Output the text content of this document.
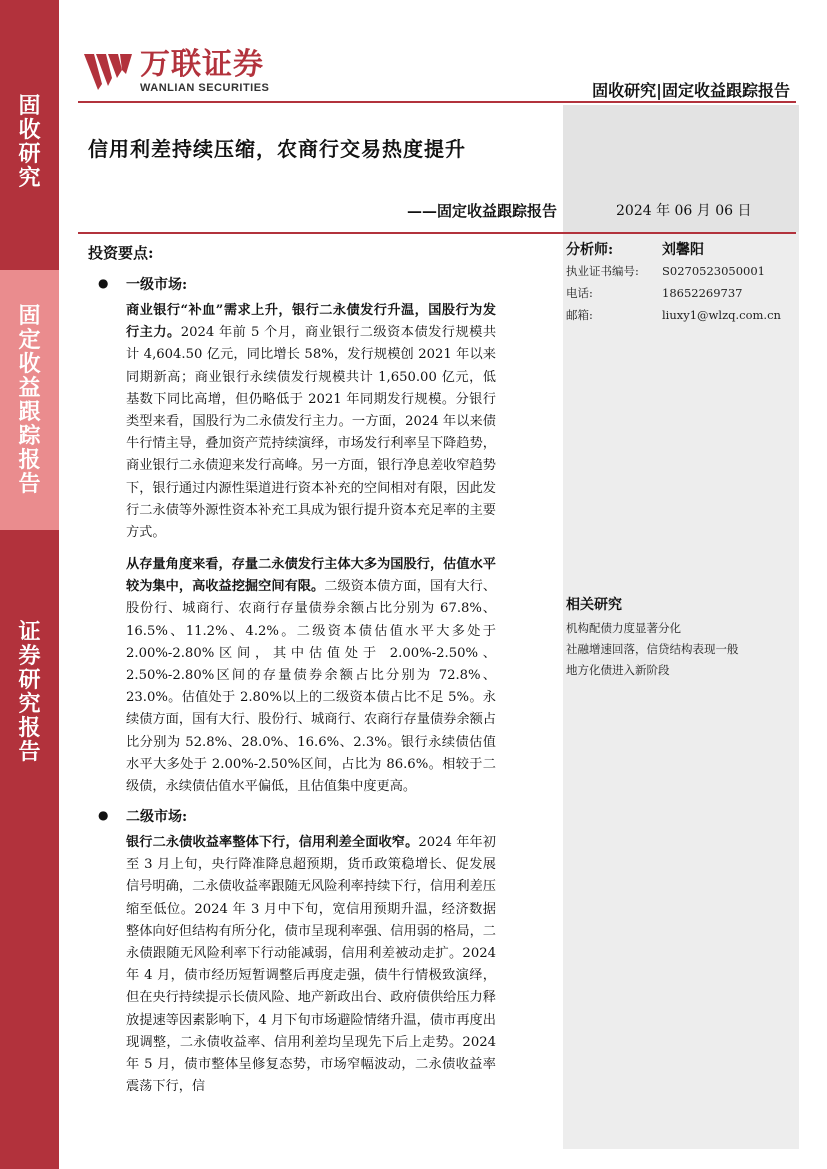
固收研究
固定收益跟踪报告
证券研究报告
万联证券
WANLIAN SECURITIES	固收研究|固定收益跟踪报告
信用利差持续压缩，农商行交易热度提升
——固定收益跟踪报告	2024 年 06 月 06 日
投资要点:
● 一级市场:
商业银行“补血”需求上升，银行二永债发行升温，国股行为发行主力。2024 年前 5 个月，商业银行二级资本债发行规模共计 4,604.50 亿元，同比增长 58%，发行规模创 2021 年以来同期新高；商业银行永续债发行规模共计 1,650.00 亿元，低基数下同比高增，但仍略低于 2021 年同期发行规模。分银行类型来看，国股行为二永债发行主力。一方面，2024 年以来债牛行情主导，叠加资产荒持续演绎，市场发行利率呈下降趋势，商业银行二永债迎来发行高峰。另一方面，银行净息差收窄趋势下，银行通过内源性渠道进行资本补充的空间相对有限，因此发行二永债等外源性资本补充工具成为银行提升资本充足率的主要方式。
从存量角度来看，存量二永债发行主体大多为国股行，估值水平较为集中，高收益挖掘空间有限。二级资本债方面，国有大行、股份行、城商行、农商行存量债券余额占比分别为 67.8%、16.5%、11.2%、4.2%。二级资本债估值水平大多处于 2.00%-2.80%区间，其中估值处于 2.00%-2.50%、2.50%-2.80%区间的存量债券余额占比分别为 72.8%、23.0%。估值处于 2.80%以上的二级资本债占比不足 5%。永续债方面，国有大行、股份行、城商行、农商行存量债券余额占比分别为 52.8%、28.0%、16.6%、2.3%。银行永续债估值水平大多处于 2.00%-2.50%区间，占比为 86.6%。相较于二级债，永续债估值水平偏低，且估值集中度更高。
● 二级市场:
银行二永债收益率整体下行，信用利差全面收窄。2024 年年初至 3 月上旬，央行降准降息超预期，货币政策稳增长、促发展信号明确，二永债收益率跟随无风险利率持续下行，信用利差压缩至低位。2024 年 3 月中下旬，宽信用预期升温，经济数据整体向好但结构有所分化，债市呈现利率强、信用弱的格局，二永债跟随无风险利率下行动能减弱，信用利差被动走扩。2024 年 4 月，债市经历短暂调整后再度走强，债牛行情极致演绎，但在央行持续提示长债风险、地产新政出台、政府债供给压力释放提速等因素影响下，4 月下旬市场避险情绪升温，债市再度出现调整，二永债收益率、信用利差均呈现先下后上走势。2024 年 5 月，债市整体呈修复态势，市场窄幅波动，二永债收益率震荡下行，信
分析师:	刘馨阳
执业证书编号:	S0270523050001
电话:	18652269737
邮箱:	liuxy1@wlzq.com.cn
相关研究
机构配债力度显著分化
社融增速回落，信贷结构表现一般
地方化债进入新阶段
